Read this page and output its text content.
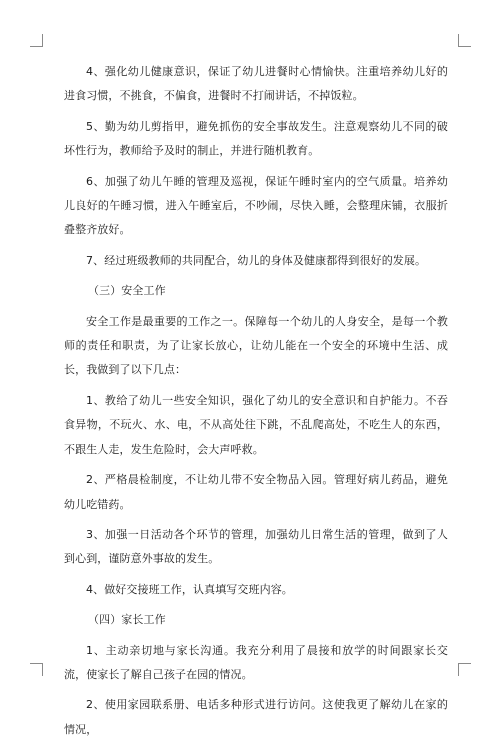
4、强化幼儿健康意识，保证了幼儿进餐时心情愉快。注重培养幼儿好的进食习惯，不挑食，不偏食，进餐时不打闹讲话，不掉饭粒。

5、勤为幼儿剪指甲，避免抓伤的安全事故发生。注意观察幼儿不同的破坏性行为，教师给予及时的制止，并进行随机教育。

6、加强了幼儿午睡的管理及巡视，保证午睡时室内的空气质量。培养幼儿良好的午睡习惯，进入午睡室后，不吵闹，尽快入睡，会整理床铺，衣服折叠整齐放好。

7、经过班级教师的共同配合，幼儿的身体及健康都得到很好的发展。

（三）安全工作

安全工作是最重要的工作之一。保障每一个幼儿的人身安全，是每一个教师的责任和职责，为了让家长放心，让幼儿能在一个安全的环境中生活、成长，我做到了以下几点：

1、教给了幼儿一些安全知识，强化了幼儿的安全意识和自护能力。不吞食异物，不玩火、水、电，不从高处往下跳，不乱爬高处，不吃生人的东西，不跟生人走，发生危险时，会大声呼救。

2、严格晨检制度，不让幼儿带不安全物品入园。管理好病儿药品，避免幼儿吃错药。

3、加强一日活动各个环节的管理，加强幼儿日常生活的管理，做到了人到心到，谨防意外事故的发生。

4、做好交接班工作，认真填写交班内容。

（四）家长工作

1、主动亲切地与家长沟通。我充分利用了晨接和放学的时间跟家长交流，使家长了解自己孩子在园的情况。

2、使用家园联系册、电话多种形式进行访问。这使我更了解幼儿在家的情况，
